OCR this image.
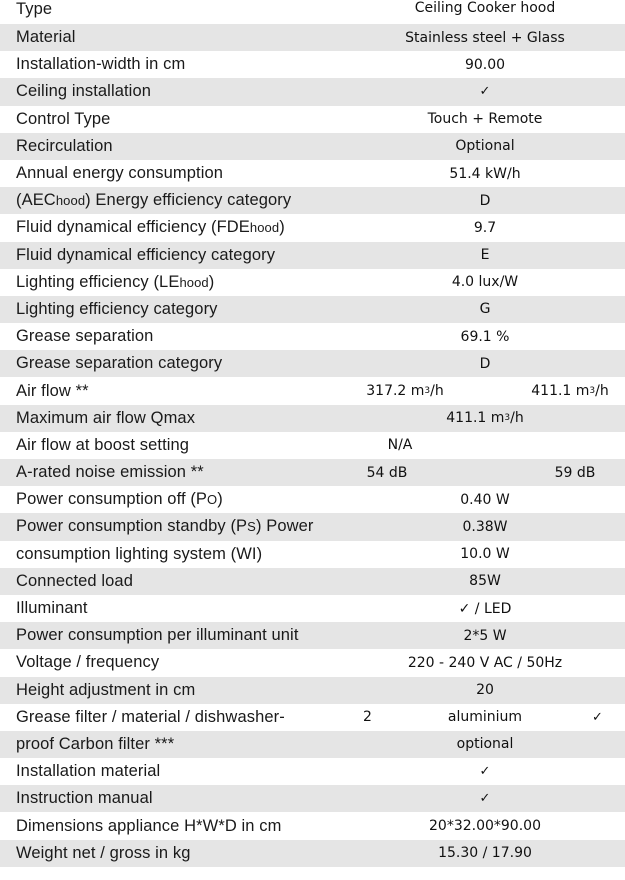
Type	Ceiling Cooker hood
Material	Stainless steel + Glass
Installation-width in cm	90.00
Ceiling installation	✓
Control Type	Touch + Remote
Recirculation	Optional
Annual energy consumption	51.4 kW/h
(AEC hood ) Energy efficiency category	D
Fluid dynamical efficiency (FDE hood )	9.7
Fluid dynamical efficiency category	E
Lighting efficiency (LE hood )	4.0 lux/W
Lighting efficiency category	G
Grease separation	69.1 %
Grease separation category	D
Air flow **	317.2 m 3 /h	411.1 m 3 /h
Maximum air flow Qmax	411.1 m 3 /h
Air flow at boost setting	N/A
A-rated noise emission **	54 dB	59 dB
Power consumption off (P O )	0.40 W
Power consumption standby (P S ) Power	0.38W
consumption lighting system (WI)	10.0 W
Connected load	85W
Illuminant	✓ / LED
Power consumption per illuminant unit	2*5 W
Voltage / frequency	220 - 240 V AC / 50Hz
Height adjustment in cm	20
Grease filter / material / dishwasher-	2	aluminium	✓
proof Carbon filter ***	optional
Installation material	✓
Instruction manual	✓
Dimensions appliance H*W*D in cm	20*32.00*90.00
Weight net / gross in kg	15.30 / 17.90
